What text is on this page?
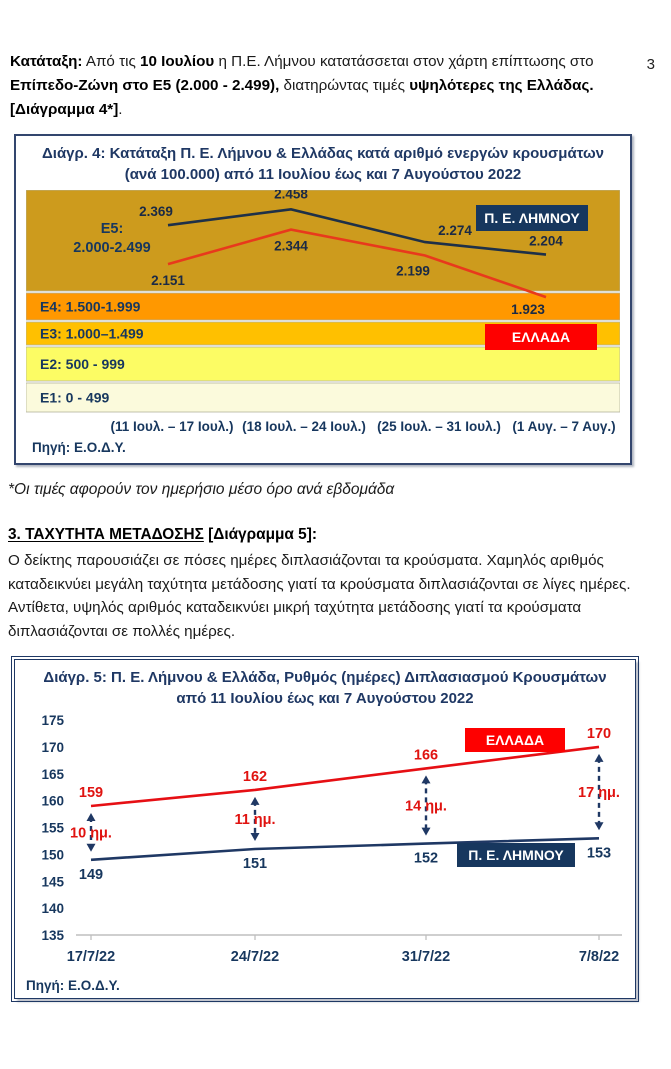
3

Κατάταξη: Από τις 10 Ιουλίου η Π.Ε. Λήμνου κατατάσσεται στον χάρτη επίπτωσης στο Επίπεδο-Ζώνη στο Ε5 (2.000 - 2.499), διατηρώντας τιμές υψηλότερες της Ελλάδας. [Διάγραμμα 4*].

Διάγρ. 4: Κατάταξη Π. Ε. Λήμνου & Ελλάδας κατά αριθμό ενεργών κρουσμάτων
(ανά 100.000) από 11 Ιουλίου έως και 7 Αυγούστου 2022
Ε5:
2.000-2.499
Ε4: 1.500-1.999
Ε3: 1.000–1.499
Ε2: 500 - 999
Ε1: 0 - 499
2.369
2.458
2.274
2.204
2.151
2.344
2.199
1.923
Π. Ε. ΛΗΜΝΟΥ
ΕΛΛΑΔΑ
(11 Ιουλ. – 17 Ιουλ.) (18 Ιουλ. – 24 Ιουλ.) (25 Ιουλ. – 31 Ιουλ.) (1 Αυγ. – 7 Αυγ.)
Πηγή: Ε.Ο.Δ.Υ.

*Οι τιμές αφορούν τον ημερήσιο μέσο όρο ανά εβδομάδα

3. ΤΑΧΥΤΗΤΑ ΜΕΤΑΔΟΣΗΣ [Διάγραμμα 5]:

Ο δείκτης παρουσιάζει σε πόσες ημέρες διπλασιάζονται τα κρούσματα. Χαμηλός αριθμός καταδεικνύει μεγάλη ταχύτητα μετάδοσης γιατί τα κρούσματα διπλασιάζονται σε λίγες ημέρες. Αντίθετα, υψηλός αριθμός καταδεικνύει μικρή ταχύτητα μετάδοσης γιατί τα κρούσματα διπλασιάζονται σε πολλές ημέρες.

Διάγρ. 5: Π. Ε. Λήμνου & Ελλάδα, Ρυθμός (ημέρες) Διπλασιασμού Κρουσμάτων
από 11 Ιουλίου έως και 7 Αυγούστου 2022
175
170
165
160
155
150
145
140
135
10 ημ.
11 ημ.
14 ημ.
17 ημ.
159
162
166
170
149
151	152	153
ΕΛΛΑΔΑ
Π. Ε. ΛΗΜΝΟΥ
17/7/22	24/7/22	31/7/22	7/8/22
Πηγή: Ε.Ο.Δ.Υ.
